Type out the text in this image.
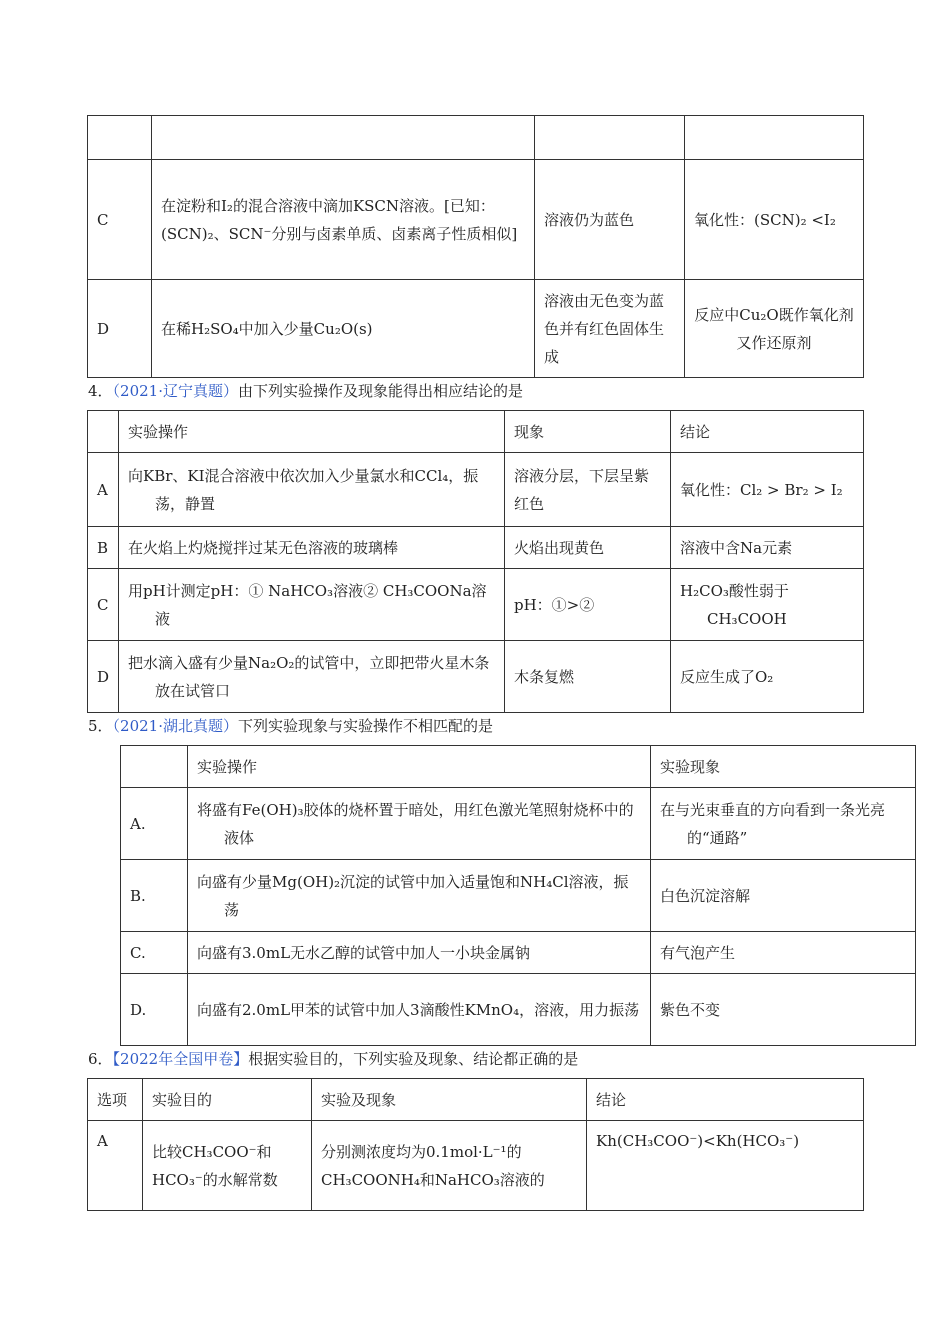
C	在淀粉和I₂的混合溶液中滴加KSCN溶液。[已知：(SCN)₂、SCN⁻分别与卤素单质、卤素离子性质相似]	溶液仍为蓝色	氧化性：(SCN)₂ <I₂
D	在稀H₂SO₄中加入少量Cu₂O(s)	溶液由无色变为蓝色并有红色固体生成	反应中Cu₂O既作氧化剂又作还原剂
4．（2021·辽宁真题）由下列实验操作及现象能得出相应结论的是
	实验操作	现象	结论
A	向KBr、KI混合溶液中依次加入少量氯水和CCl₄，振荡，静置	溶液分层，下层呈紫红色	氧化性：Cl₂ > Br₂ > I₂
B	在火焰上灼烧搅拌过某无色溶液的玻璃棒	火焰出现黄色	溶液中含Na元素
C	用pH计测定pH：① NaHCO₃溶液② CH₃COONa溶液	pH：①>②	H₂CO₃酸性弱于CH₃COOH
D	把水滴入盛有少量Na₂O₂的试管中，立即把带火星木条放在试管口	木条复燃	反应生成了O₂
5．（2021·湖北真题）下列实验现象与实验操作不相匹配的是
	实验操作	实验现象
A.	将盛有Fe(OH)₃胶体的烧杯置于暗处，用红色激光笔照射烧杯中的液体	在与光束垂直的方向看到一条光亮的“通路”
B.	向盛有少量Mg(OH)₂沉淀的试管中加入适量饱和NH₄Cl溶液，振荡	白色沉淀溶解
C.	向盛有3.0mL无水乙醇的试管中加人一小块金属钠	有气泡产生
D.	向盛有2.0mL甲苯的试管中加人3滴酸性KMnO₄，溶液，用力振荡	紫色不变
6．【2022年全国甲卷】根据实验目的，下列实验及现象、结论都正确的是
选项	实验目的	实验及现象	结论
A	比较CH₃COO⁻和HCO₃⁻的水解常数	分别测浓度均为0.1mol·L⁻¹的CH₃COONH₄和NaHCO₃溶液的	Kh(CH₃COO⁻)<Kh(HCO₃⁻)
